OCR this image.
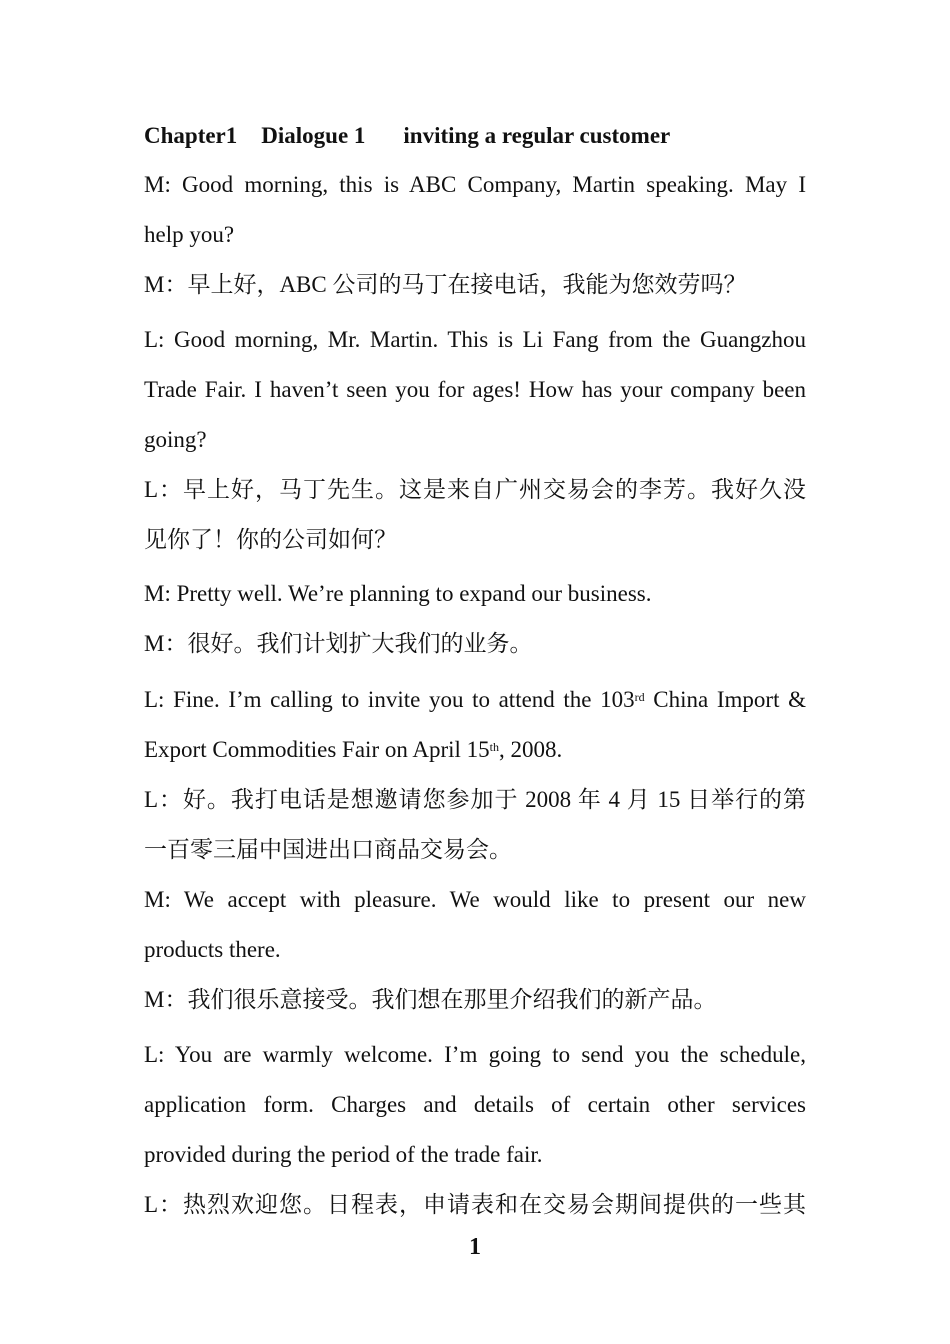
Chapter1 Dialogue 1 inviting a regular customer
M: Good morning, this is ABC Company, Martin speaking. May I
help you?
M：早上好，ABC 公司的马丁在接电话，我能为您效劳吗？
L: Good morning, Mr. Martin. This is Li Fang from the Guangzhou
Trade Fair. I haven’t seen you for ages! How has your company been
going?
L：早上好，马丁先生。这是来自广州交易会的李芳。我好久没
见你了！你的公司如何？
M: Pretty well. We’re planning to expand our business.
M：很好。我们计划扩大我们的业务。
L: Fine. I’m calling to invite you to attend the 103rd China Import &
Export Commodities Fair on April 15th, 2008.
L：好。我打电话是想邀请您参加于 2008 年 4 月 15 日举行的第
一百零三届中国进出口商品交易会。
M: We accept with pleasure. We would like to present our new
products there.
M：我们很乐意接受。我们想在那里介绍我们的新产品。
L: You are warmly welcome. I’m going to send you the schedule,
application form. Charges and details of certain other services
provided during the period of the trade fair.
L：热烈欢迎您。日程表，申请表和在交易会期间提供的一些其
1
